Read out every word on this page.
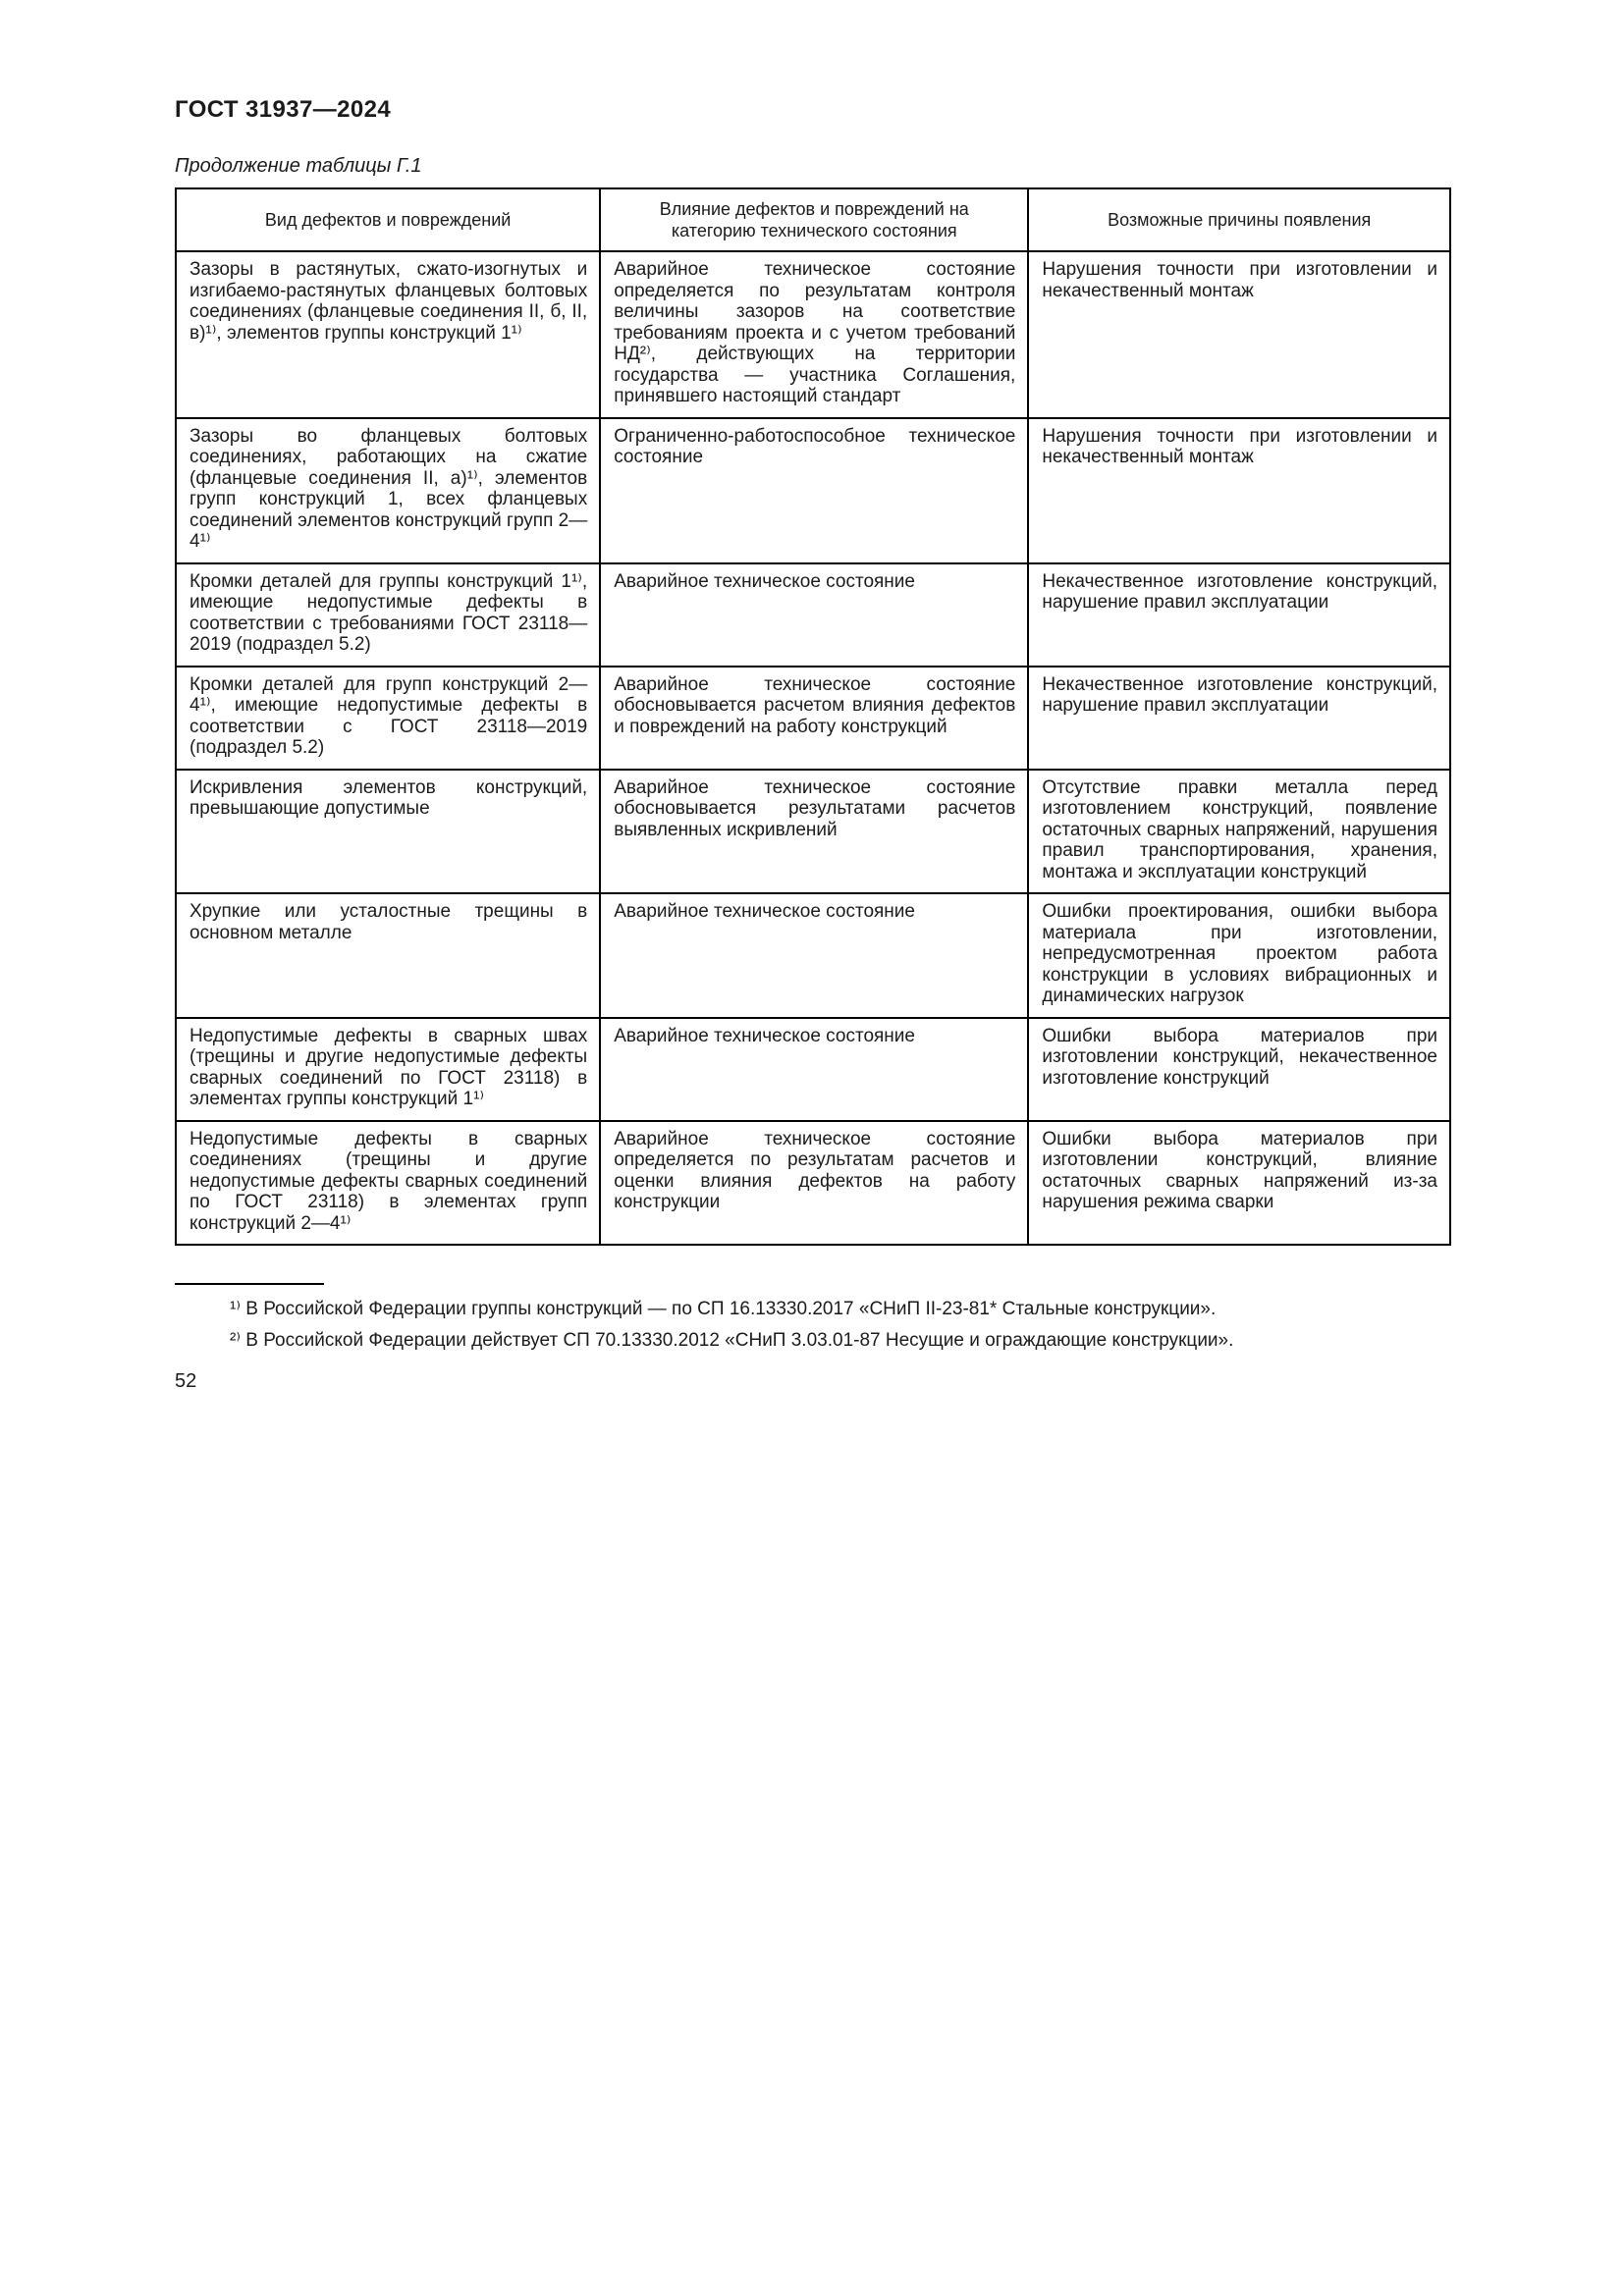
ГОСТ 31937—2024
Продолжение таблицы Г.1
Вид дефектов и повреждений	Влияние дефектов и повреждений на категорию технического состояния	Возможные причины появления
Зазоры в растянутых, сжато-изогнутых и изгибаемо-растянутых фланцевых болтовых соединениях (фланцевые соединения II, б, II, в)¹⁾, элементов группы конструкций 1¹⁾	Аварийное техническое состояние определяется по результатам контроля величины зазоров на соответствие требованиям проекта и с учетом требований НД²⁾, действующих на территории государства — участника Соглашения, принявшего настоящий стандарт	Нарушения точности при изготовлении и некачественный монтаж
Зазоры во фланцевых болтовых соединениях, работающих на сжатие (фланцевые соединения II, а)¹⁾, элементов групп конструкций 1, всех фланцевых соединений элементов конструкций групп 2—4¹⁾	Ограниченно-работоспособное техническое состояние	Нарушения точности при изготовлении и некачественный монтаж
Кромки деталей для группы конструкций 1¹⁾, имеющие недопустимые дефекты в соответствии с требованиями ГОСТ 23118—2019 (подраздел 5.2)	Аварийное техническое состояние	Некачественное изготовление конструкций, нарушение правил эксплуатации
Кромки деталей для групп конструкций 2—4¹⁾, имеющие недопустимые дефекты в соответствии с ГОСТ 23118—2019 (подраздел 5.2)	Аварийное техническое состояние обосновывается расчетом влияния дефектов и повреждений на работу конструкций	Некачественное изготовление конструкций, нарушение правил эксплуатации
Искривления элементов конструкций, превышающие допустимые	Аварийное техническое состояние обосновывается результатами расчетов выявленных искривлений	Отсутствие правки металла перед изготовлением конструкций, появление остаточных сварных напряжений, нарушения правил транспортирования, хранения, монтажа и эксплуатации конструкций
Хрупкие или усталостные трещины в основном металле	Аварийное техническое состояние	Ошибки проектирования, ошибки выбора материала при изготовлении, непредусмотренная проектом работа конструкции в условиях вибрационных и динамических нагрузок
Недопустимые дефекты в сварных швах (трещины и другие недопустимые дефекты сварных соединений по ГОСТ 23118) в элементах группы конструкций 1¹⁾	Аварийное техническое состояние	Ошибки выбора материалов при изготовлении конструкций, некачественное изготовление конструкций
Недопустимые дефекты в сварных соединениях (трещины и другие недопустимые дефекты сварных соединений по ГОСТ 23118) в элементах групп конструкций 2—4¹⁾	Аварийное техническое состояние определяется по результатам расчетов и оценки влияния дефектов на работу конструкции	Ошибки выбора материалов при изготовлении конструкций, влияние остаточных сварных напряжений из-за нарушения режима сварки

¹⁾ В Российской Федерации группы конструкций — по СП 16.13330.2017 «СНиП II-23-81* Стальные конструкции».

²⁾ В Российской Федерации действует СП 70.13330.2012 «СНиП 3.03.01-87 Несущие и ограждающие конструкции».

52
